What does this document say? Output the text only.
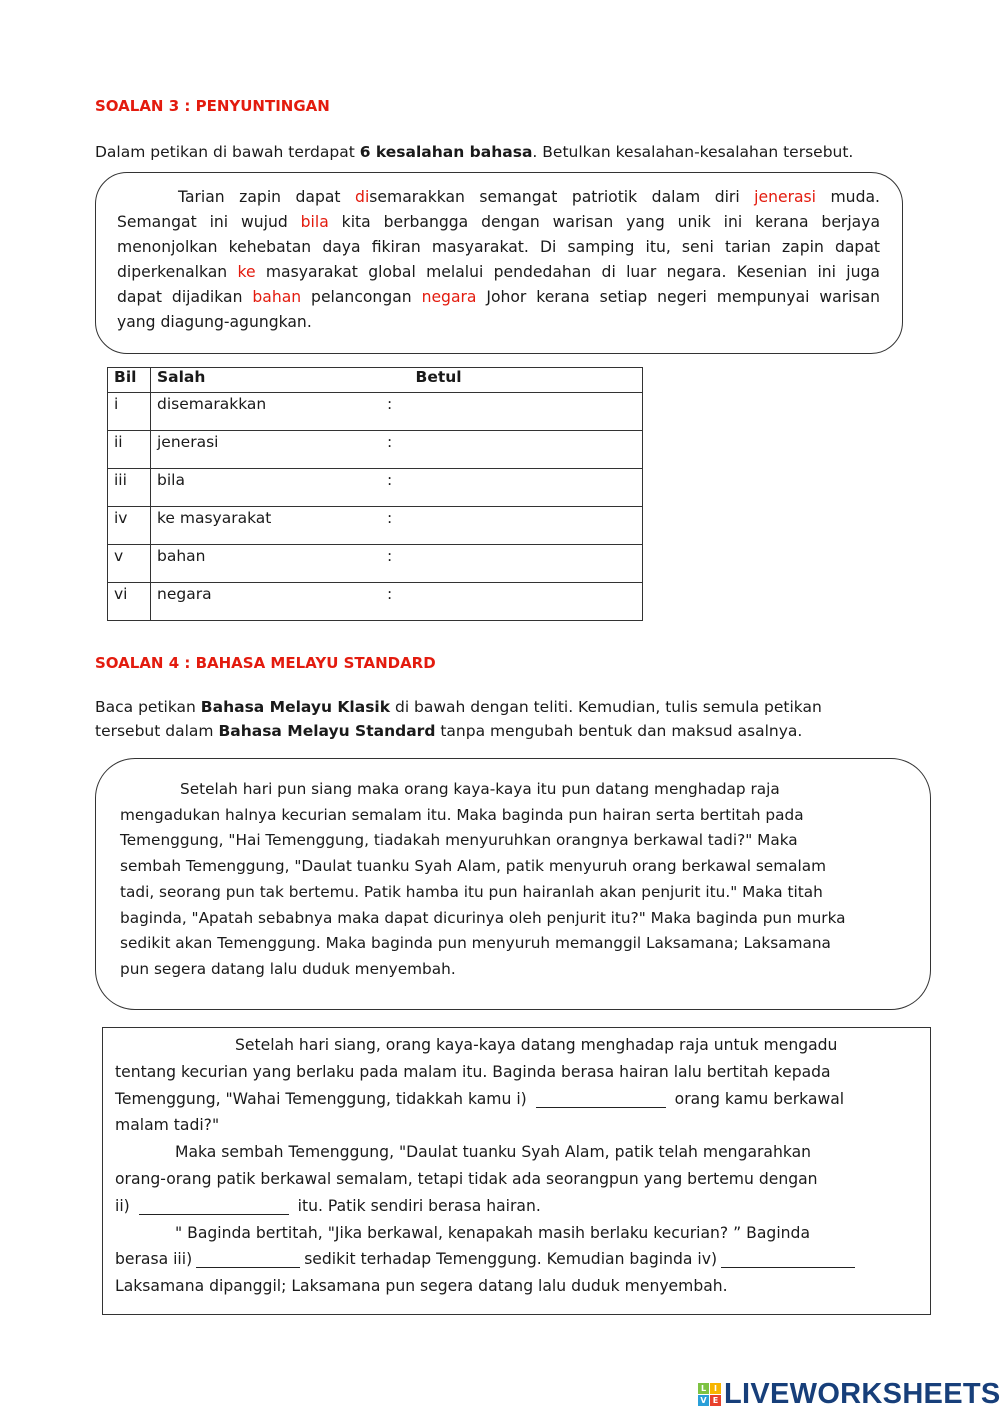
SOALAN 3 : PENYUNTINGAN
Dalam petikan di bawah terdapat 6 kesalahan bahasa. Betulkan kesalahan-kesalahan tersebut.
Tarian zapin dapat disemarakkan semangat patriotik dalam diri jenerasi muda.
Semangat ini wujud bila kita berbangga dengan warisan yang unik ini kerana berjaya
menonjolkan kehebatan daya fikiran masyarakat. Di samping itu, seni tarian zapin dapat
diperkenalkan ke masyarakat global melalui pendedahan di luar negara. Kesenian ini juga
dapat dijadikan bahan pelancongan negara Johor kerana setiap negeri mempunyai warisan
yang diagung-agungkan.
Bil	Salah Betul

i	disemarakkan :

ii	jenerasi :

iii	bila :

iv	ke masyarakat :

v	bahan :

vi	negara :
SOALAN 4 : BAHASA MELAYU STANDARD
Baca petikan Bahasa Melayu Klasik di bawah dengan teliti. Kemudian, tulis semula petikan
tersebut dalam Bahasa Melayu Standard tanpa mengubah bentuk dan maksud asalnya.
Setelah hari pun siang maka orang kaya-kaya itu pun datang menghadap raja
mengadukan halnya kecurian semalam itu. Maka baginda pun hairan serta bertitah pada
Temenggung, "Hai Temenggung, tiadakah menyuruhkan orangnya berkawal tadi?" Maka
sembah Temenggung, "Daulat tuanku Syah Alam, patik menyuruh orang berkawal semalam
tadi, seorang pun tak bertemu. Patik hamba itu pun hairanlah akan penjurit itu." Maka titah
baginda, "Apatah sebabnya maka dapat dicurinya oleh penjurit itu?" Maka baginda pun murka
sedikit akan Temenggung. Maka baginda pun menyuruh memanggil Laksamana; Laksamana
pun segera datang lalu duduk menyembah.
Setelah hari siang, orang kaya-kaya datang menghadap raja untuk mengadu
tentang kecurian yang berlaku pada malam itu. Baginda berasa hairan lalu bertitah kepada
Temenggung, "Wahai Temenggung, tidakkah kamu i)	orang kamu berkawal
malam tadi?"
Maka sembah Temenggung, "Daulat tuanku Syah Alam, patik telah mengarahkan
orang-orang patik berkawal semalam, tetapi tidak ada seorangpun yang bertemu dengan
ii)	itu. Patik sendiri berasa hairan.
" Baginda bertitah, "Jika berkawal, kenapakah masih berlaku kecurian? ” Baginda
berasa iii)	sedikit terhadap Temenggung. Kemudian baginda iv)
Laksamana dipanggil; Laksamana pun segera datang lalu duduk menyembah.
L I
V E LIVEWORKSHEETS
